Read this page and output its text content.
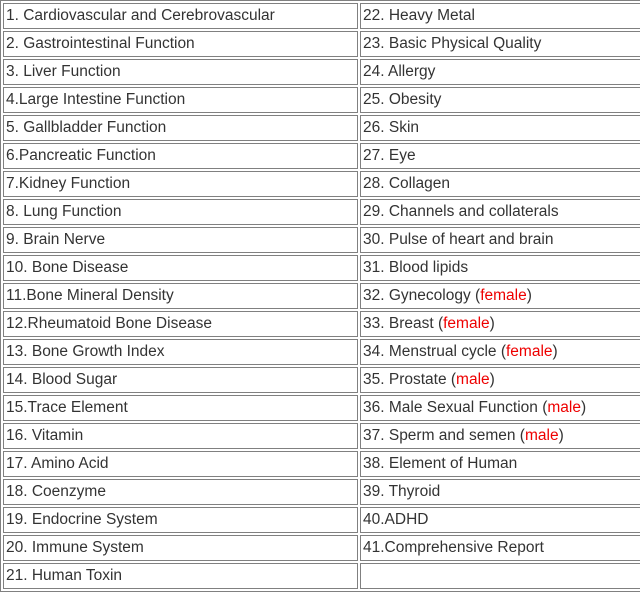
1. Cardiovascular and Cerebrovascular	22. Heavy Metal
2. Gastrointestinal Function	23. Basic Physical Quality
3. Liver Function	24. Allergy
4.Large Intestine Function	25. Obesity
5. Gallbladder Function	26. Skin
6.Pancreatic Function	27. Eye
7.Kidney Function	28. Collagen
8. Lung Function	29. Channels and collaterals
9. Brain Nerve	30. Pulse of heart and brain
10. Bone Disease	31. Blood lipids
11.Bone Mineral Density	32. Gynecology (female)
12.Rheumatoid Bone Disease	33. Breast (female)
13. Bone Growth Index	34. Menstrual cycle (female)
14. Blood Sugar	35. Prostate (male)
15.Trace Element	36. Male Sexual Function (male)
16. Vitamin	37. Sperm and semen (male)
17. Amino Acid	38. Element of Human
18. Coenzyme	39. Thyroid
19. Endocrine System	40.ADHD
20. Immune System	41.Comprehensive Report
21. Human Toxin	
